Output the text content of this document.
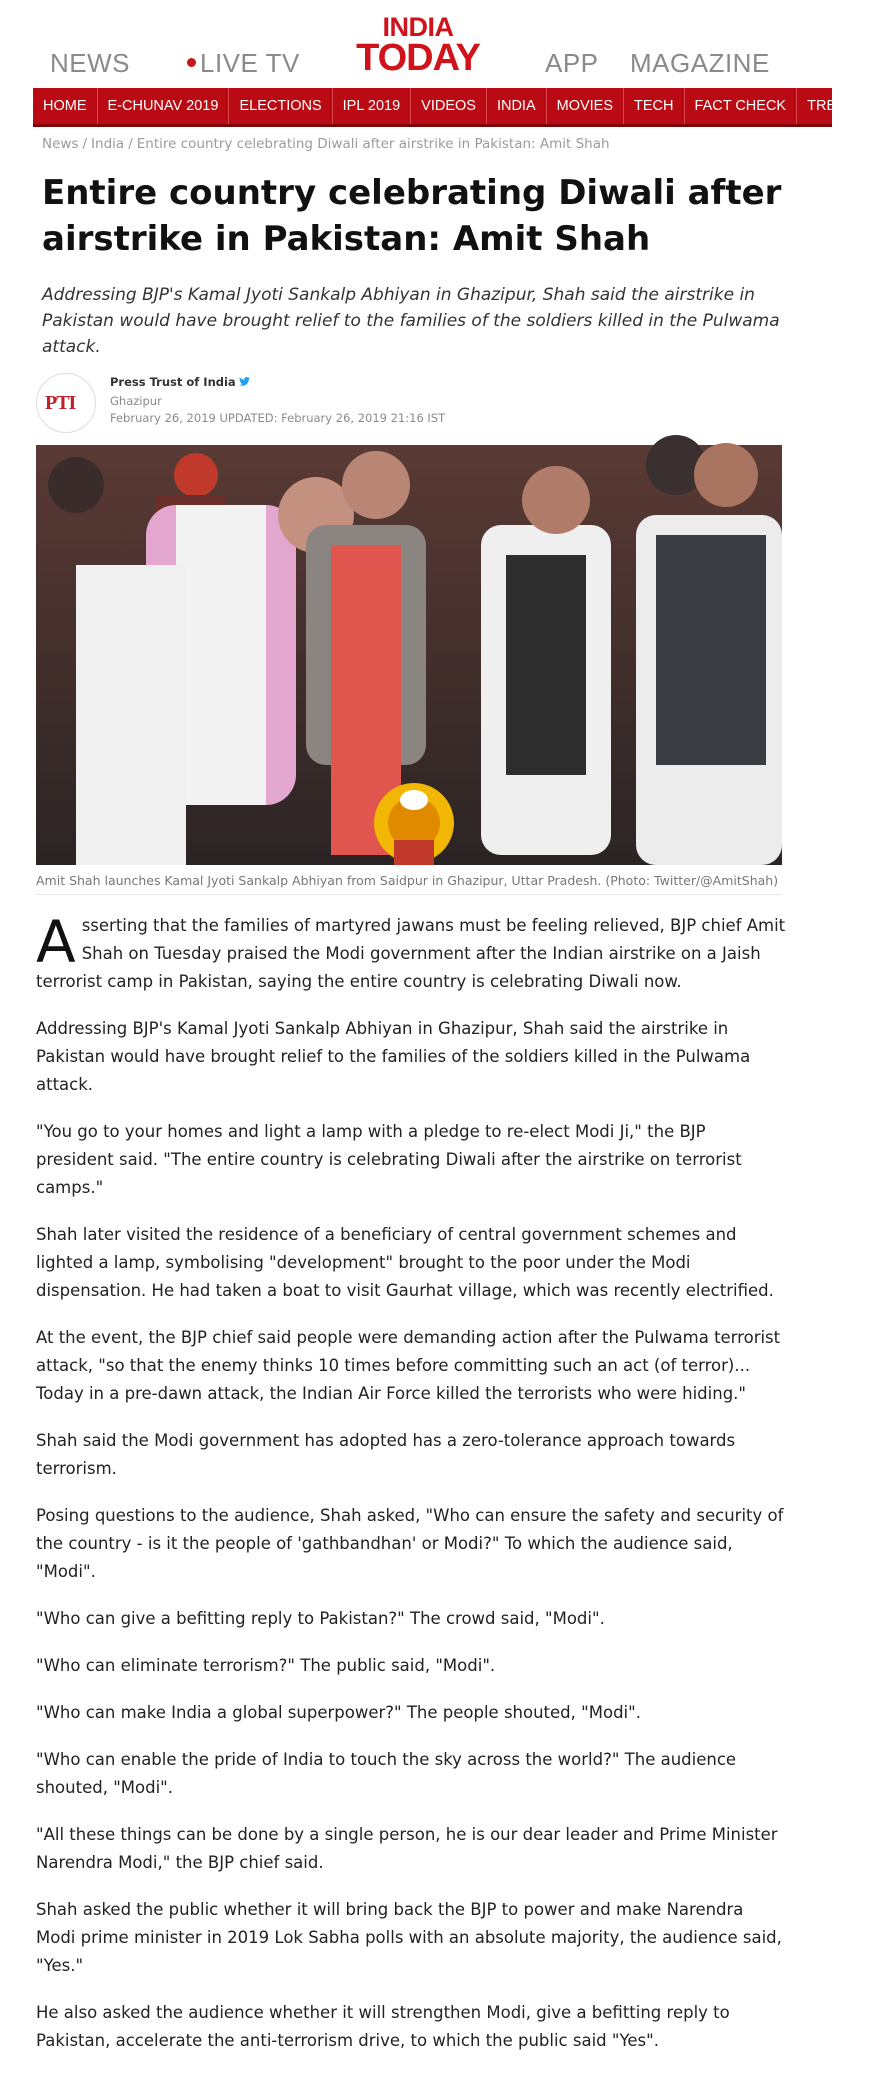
NEWS	LIVE TV
INDIA
TODAY	APP MAGAZINE
HOME	E-CHUNAV 2019	ELECTIONS	IPL 2019	VIDEOS	INDIA	MOVIES	TECH	FACT CHECK	TRENDING
News / India / Entire country celebrating Diwali after airstrike in Pakistan: Amit Shah
Entire country celebrating Diwali after airstrike in Pakistan: Amit Shah

Addressing BJP's Kamal Jyoti Sankalp Abhiyan in Ghazipur, Shah said the airstrike in Pakistan would have brought relief to the families of the soldiers killed in the Pulwama attack.

PTI
Press Trust of India
Ghazipur
February 26, 2019 UPDATED: February 26, 2019 21:16 IST
Amit Shah launches Kamal Jyoti Sankalp Abhiyan from Saidpur in Ghazipur, Uttar Pradesh. (Photo: Twitter/@AmitShah)

Asserting that the families of martyred jawans must be feeling relieved, BJP chief Amit Shah on Tuesday praised the Modi government after the Indian airstrike on a Jaish terrorist camp in Pakistan, saying the entire country is celebrating Diwali now.

Addressing BJP's Kamal Jyoti Sankalp Abhiyan in Ghazipur, Shah said the airstrike in Pakistan would have brought relief to the families of the soldiers killed in the Pulwama attack.

"You go to your homes and light a lamp with a pledge to re-elect Modi Ji," the BJP president said. "The entire country is celebrating Diwali after the airstrike on terrorist camps."

Shah later visited the residence of a beneficiary of central government schemes and lighted a lamp, symbolising "development" brought to the poor under the Modi dispensation. He had taken a boat to visit Gaurhat village, which was recently electrified.

At the event, the BJP chief said people were demanding action after the Pulwama terrorist attack, "so that the enemy thinks 10 times before committing such an act (of terror)... Today in a pre-dawn attack, the Indian Air Force killed the terrorists who were hiding."

Shah said the Modi government has adopted has a zero-tolerance approach towards terrorism.

Posing questions to the audience, Shah asked, "Who can ensure the safety and security of the country - is it the people of 'gathbandhan' or Modi?" To which the audience said, "Modi".

"Who can give a befitting reply to Pakistan?" The crowd said, "Modi".

"Who can eliminate terrorism?" The public said, "Modi".

"Who can make India a global superpower?" The people shouted, "Modi".

"Who can enable the pride of India to touch the sky across the world?" The audience shouted, "Modi".

"All these things can be done by a single person, he is our dear leader and Prime Minister Narendra Modi," the BJP chief said.

Shah asked the public whether it will bring back the BJP to power and make Narendra Modi prime minister in 2019 Lok Sabha polls with an absolute majority, the audience said, "Yes."

He also asked the audience whether it will strengthen Modi, give a befitting reply to Pakistan, accelerate the anti-terrorism drive, to which the public said "Yes".
